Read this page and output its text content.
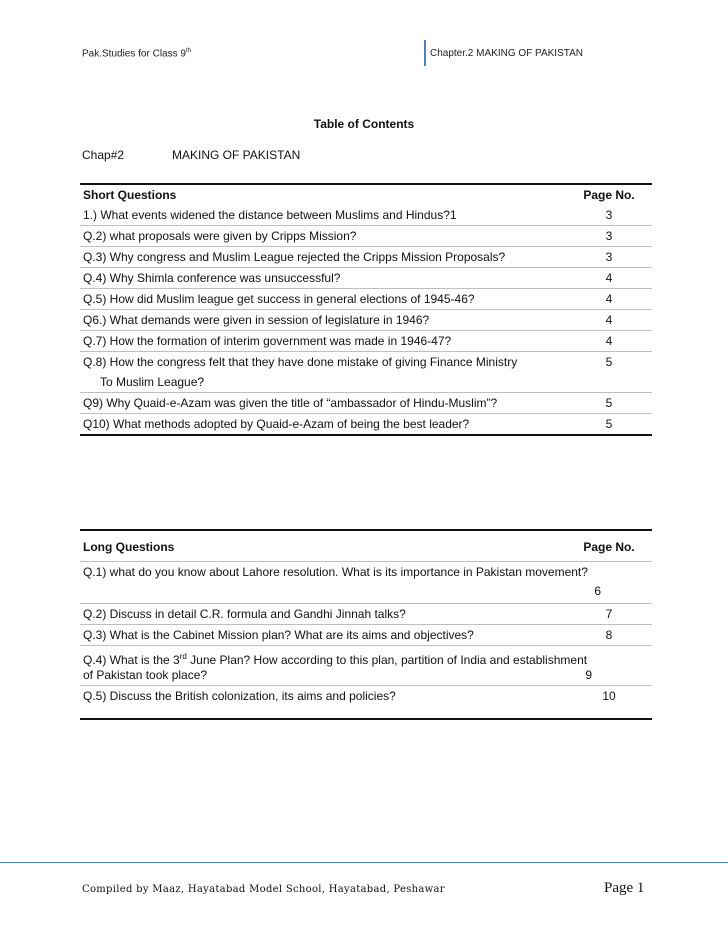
Pak.Studies for Class 9th	Chapter.2 MAKING OF PAKISTAN
Table of Contents
Chap#2	MAKING OF PAKISTAN
Short Questions	Page No.
1.) What events widened the distance between Muslims and Hindus?1	3
Q.2) what proposals were given by Cripps Mission?	3
Q.3) Why congress and Muslim League rejected the Cripps Mission Proposals?	3
Q.4) Why Shimla conference was unsuccessful?	4
Q.5) How did Muslim league get success in general elections of 1945-46?	4
Q6.) What demands were given in session of legislature in 1946?	4
Q.7) How the formation of interim government was made in 1946-47?	4
Q.8) How the congress felt that they have done mistake of giving Finance Ministry	5
To Muslim League?	
Q9) Why Quaid-e-Azam was given the title of “ambassador of Hindu-Muslim”?	5
Q10) What methods adopted by Quaid-e-Azam of being the best leader?	5
Long Questions	Page No.

Q.1) what do you know about Lahore resolution. What is its importance in Pakistan movement?
6	

Q.2) Discuss in detail C.R. formula and Gandhi Jinnah talks?	7
Q.3) What is the Cabinet Mission plan? What are its aims and objectives?	8

Q.4) What is the 3rd June Plan? How according to this plan, partition of India and establishment
of Pakistan took place? 9	

Q.5) Discuss the British colonization, its aims and policies?	10
Compiled by Maaz, Hayatabad Model School, Hayatabad, Peshawar	Page 1
